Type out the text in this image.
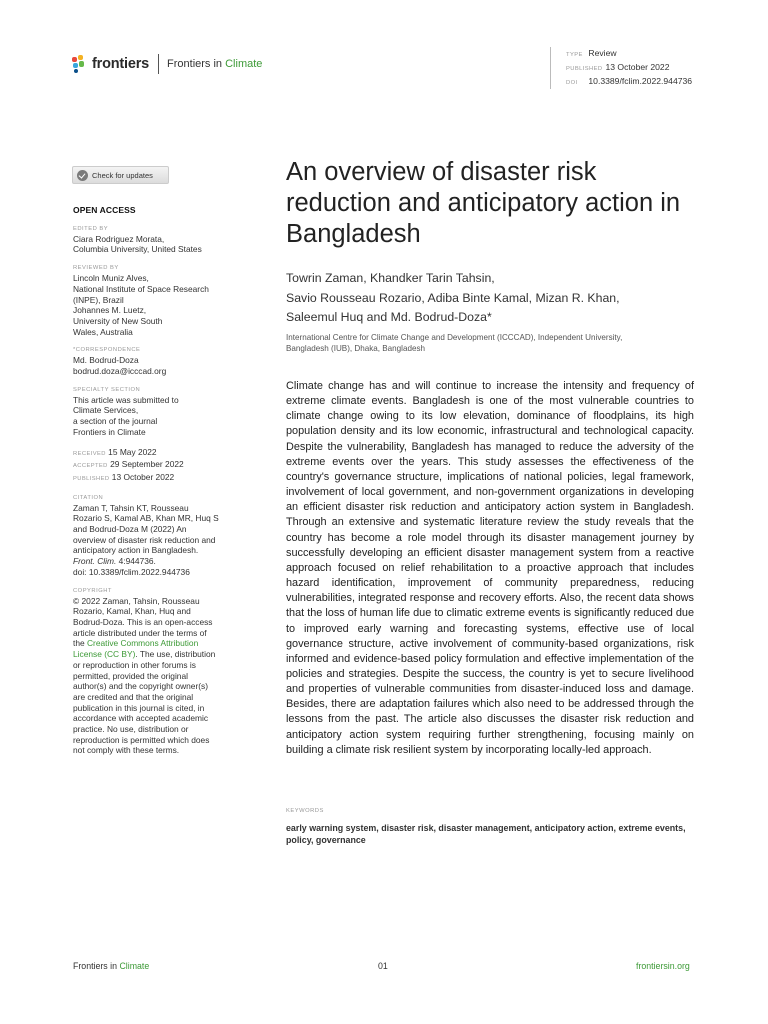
frontiers Frontiers in Climate
TYPE Review
PUBLISHED 13 October 2022
DOI 10.3389/fclim.2022.944736
Check for updates
OPEN ACCESS
EDITED BY

Ciara Rodriguez Morata,
Columbia University, United States

REVIEWED BY

Lincoln Muniz Alves,
National Institute of Space Research
(INPE), Brazil
Johannes M. Luetz,
University of New South
Wales, Australia

*CORRESPONDENCE

Md. Bodrud-Doza
bodrud.doza@icccad.org

SPECIALTY SECTION

This article was submitted to
Climate Services,
a section of the journal
Frontiers in Climate

RECEIVED 15 May 2022

ACCEPTED 29 September 2022

PUBLISHED 13 October 2022

CITATION

Zaman T, Tahsin KT, Rousseau
Rozario S, Kamal AB, Khan MR, Huq S
and Bodrud-Doza M (2022) An
overview of disaster risk reduction and
anticipatory action in Bangladesh.
Front. Clim. 4:944736.
doi: 10.3389/fclim.2022.944736

COPYRIGHT

© 2022 Zaman, Tahsin, Rousseau
Rozario, Kamal, Khan, Huq and
Bodrud-Doza. This is an open-access
article distributed under the terms of
the Creative Commons Attribution
License (CC BY). The use, distribution
or reproduction in other forums is
permitted, provided the original
author(s) and the copyright owner(s)
are credited and that the original
publication in this journal is cited, in
accordance with accepted academic
practice. No use, distribution or
reproduction is permitted which does
not comply with these terms.

An overview of disaster risk reduction and anticipatory action in Bangladesh
Towrin Zaman, Khandker Tarin Tahsin,
Savio Rousseau Rozario, Adiba Binte Kamal, Mizan R. Khan,
Saleemul Huq and Md. Bodrud-Doza*
International Centre for Climate Change and Development (ICCCAD), Independent University,
Bangladesh (IUB), Dhaka, Bangladesh

Climate change has and will continue to increase the intensity and frequency of extreme climate events. Bangladesh is one of the most vulnerable countries to climate change owing to its low elevation, dominance of floodplains, its high population density and its low economic, infrastructural and technological capacity. Despite the vulnerability, Bangladesh has managed to reduce the adversity of the extreme events over the years. This study assesses the effectiveness of the country's governance structure, implications of national policies, legal framework, involvement of local government, and non-government organizations in developing an efficient disaster risk reduction and anticipatory action system in Bangladesh. Through an extensive and systematic literature review the study reveals that the country has become a role model through its disaster management journey by successfully developing an efficient disaster management system from a reactive approach focused on relief rehabilitation to a proactive approach that includes hazard identification, improvement of community preparedness, reducing vulnerabilities, integrated response and recovery efforts. Also, the recent data shows that the loss of human life due to climatic extreme events is significantly reduced due to improved early warning and forecasting systems, effective use of local governance structure, active involvement of community-based organizations, risk informed and evidence-based policy formulation and effective implementation of the policies and strategies. Despite the success, the country is yet to secure livelihood and properties of vulnerable communities from disaster-induced loss and damage. Besides, there are adaptation failures which also need to be addressed through the lessons from the past. The article also discusses the disaster risk reduction and anticipatory action system requiring further strengthening, focusing mainly on building a climate risk resilient system by incorporating locally-led approach.

KEYWORDS
early warning system, disaster risk, disaster management, anticipatory action, extreme events, policy, governance
Frontiers in Climate	01	frontiersin.org
